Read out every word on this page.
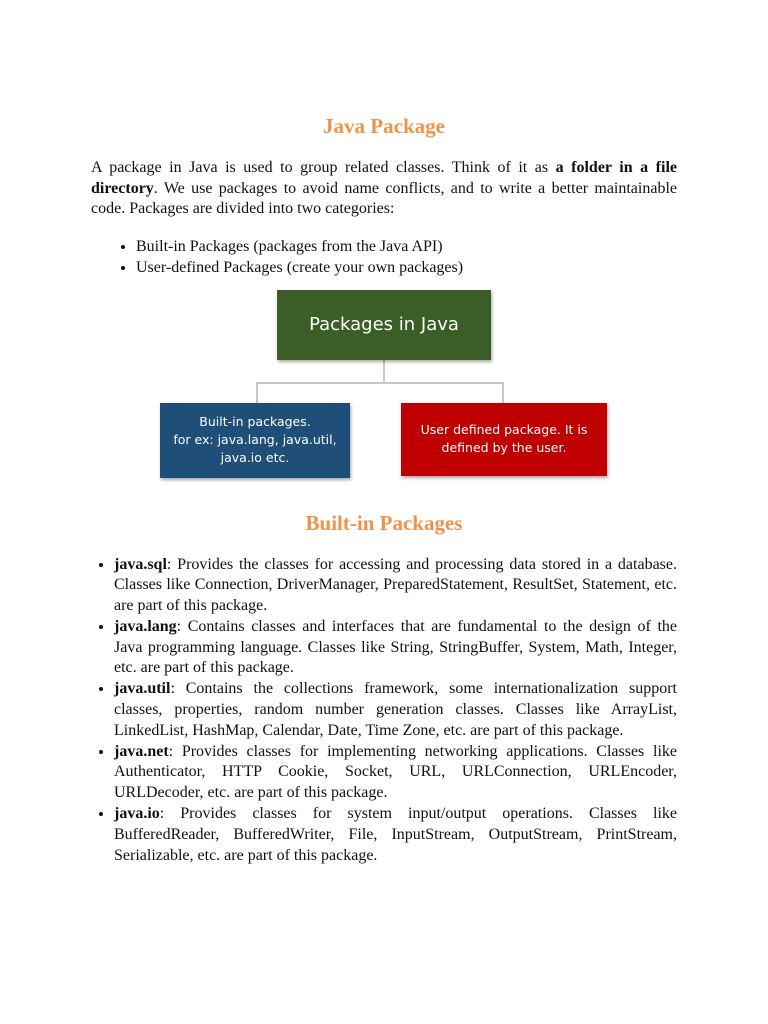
Java Package

A package in Java is used to group related classes. Think of it as a folder in a file directory. We use packages to avoid name conflicts, and to write a better maintainable code. Packages are divided into two categories:

• Built-in Packages (packages from the Java API)
• User-defined Packages (create your own packages)
Packages in Java
Built-in packages.
for ex: java.lang, java.util,
java.io etc.
User defined package. It is
defined by the user.
Built-in Packages
• java.sql: Provides the classes for accessing and processing data stored in a database. Classes like Connection, DriverManager, PreparedStatement, ResultSet, Statement, etc. are part of this package.
• java.lang: Contains classes and interfaces that are fundamental to the design of the Java programming language. Classes like String, StringBuffer, System, Math, Integer, etc. are part of this package.
• java.util: Contains the collections framework, some internationalization support classes, properties, random number generation classes. Classes like ArrayList, LinkedList, HashMap, Calendar, Date, Time Zone, etc. are part of this package.
• java.net: Provides classes for implementing networking applications. Classes like Authenticator, HTTP Cookie, Socket, URL, URLConnection, URLEncoder, URLDecoder, etc. are part of this package.
• java.io: Provides classes for system input/output operations. Classes like BufferedReader, BufferedWriter, File, InputStream, OutputStream, PrintStream, Serializable, etc. are part of this package.
